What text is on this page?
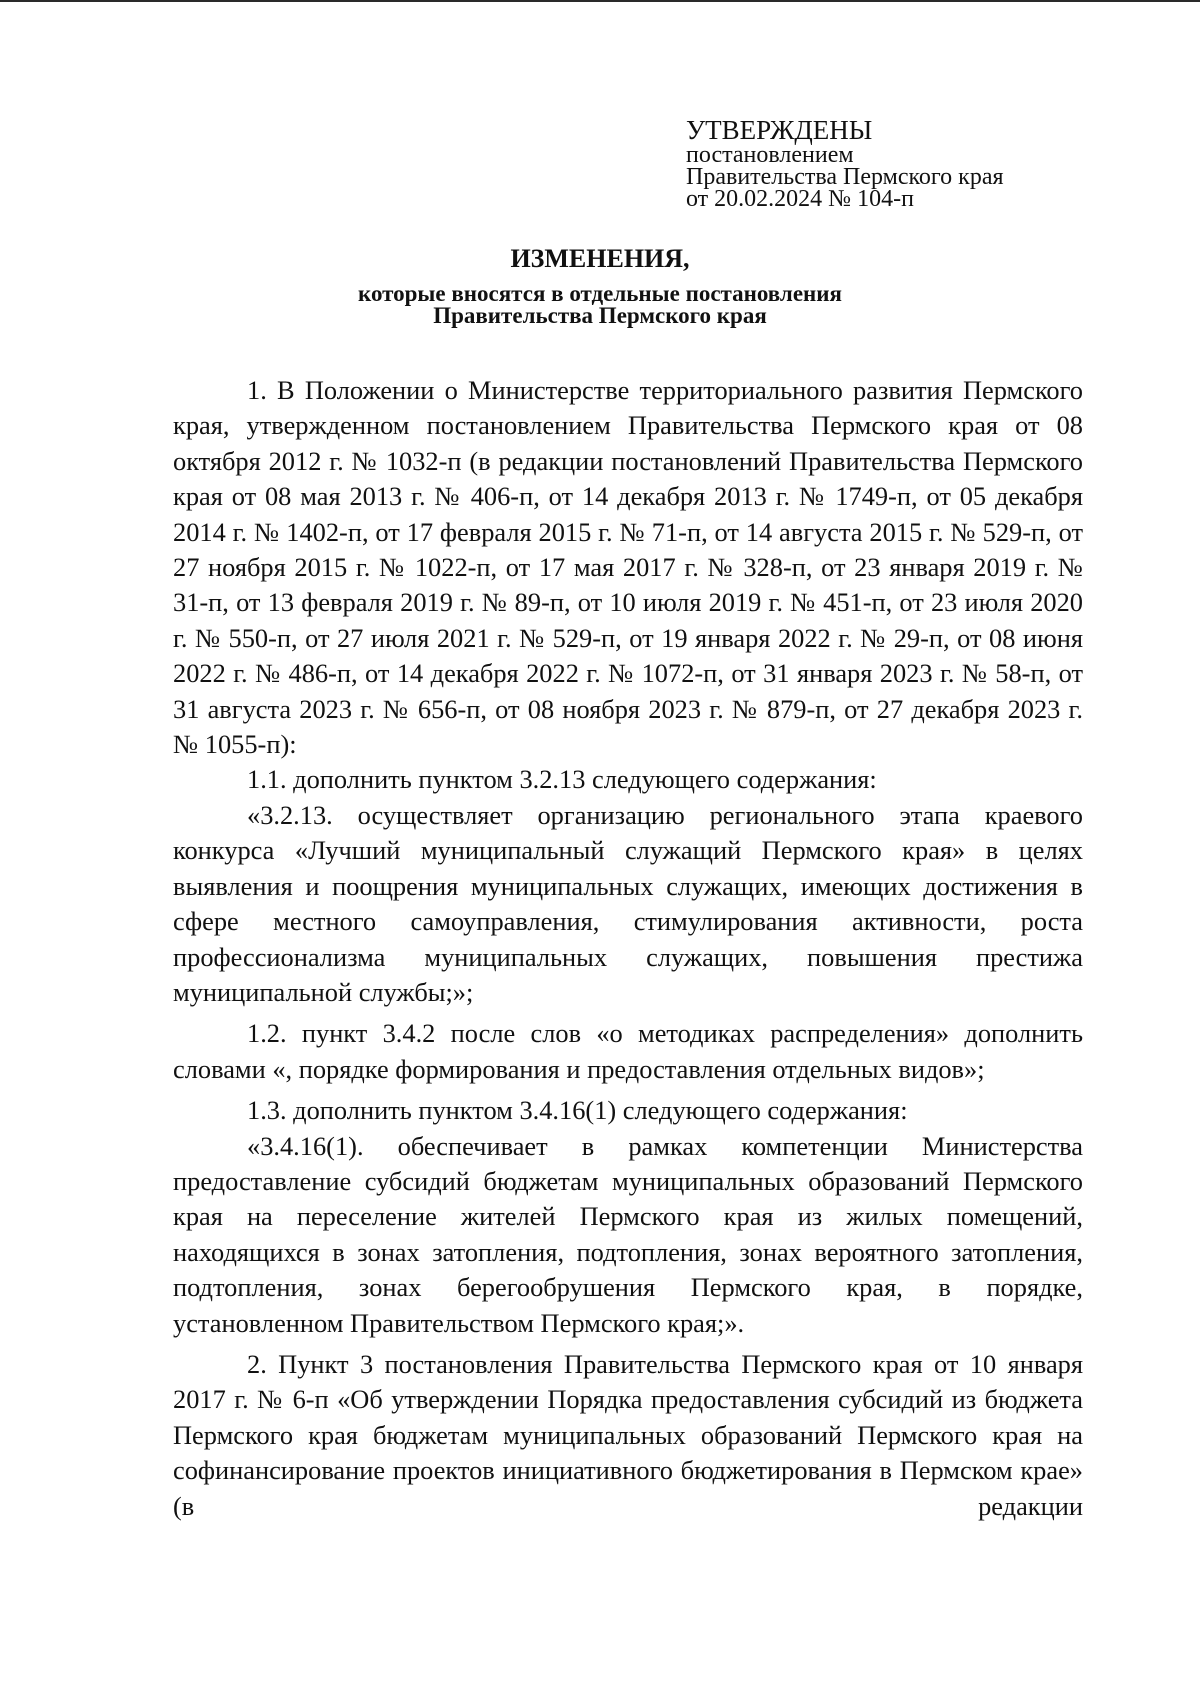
УТВЕРЖДЕНЫ
постановлением
Правительства Пермского края
от 20.02.2024 № 104-п
ИЗМЕНЕНИЯ,
которые вносятся в отдельные постановления
Правительства Пермского края

1. В Положении о Министерстве территориального развития Пермского края, утвержденном постановлением Правительства Пермского края от 08 октября 2012 г. № 1032-п (в редакции постановлений Правительства Пермского края от 08 мая 2013 г. № 406-п, от 14 декабря 2013 г. № 1749-п, от 05 декабря 2014 г. № 1402-п, от 17 февраля 2015 г. № 71-п, от 14 августа 2015 г. № 529-п, от 27 ноября 2015 г. № 1022-п, от 17 мая 2017 г. № 328-п, от 23 января 2019 г. № 31-п, от 13 февраля 2019 г. № 89-п, от 10 июля 2019 г. № 451-п, от 23 июля 2020 г. № 550-п, от 27 июля 2021 г. № 529-п, от 19 января 2022 г. № 29-п, от 08 июня 2022 г. № 486-п, от 14 декабря 2022 г. № 1072-п, от 31 января 2023 г. № 58-п, от 31 августа 2023 г. № 656-п, от 08 ноября 2023 г. № 879-п, от 27 декабря 2023 г. № 1055-п):

1.1. дополнить пунктом 3.2.13 следующего содержания:

«3.2.13. осуществляет организацию регионального этапа краевого конкурса «Лучший муниципальный служащий Пермского края» в целях выявления и поощрения муниципальных служащих, имеющих достижения в сфере местного самоуправления, стимулирования активности, роста профессионализма муниципальных служащих, повышения престижа муниципальной службы;»;

1.2. пункт 3.4.2 после слов «о методиках распределения» дополнить словами «, порядке формирования и предоставления отдельных видов»;

1.3. дополнить пунктом 3.4.16(1) следующего содержания:

«3.4.16(1). обеспечивает в рамках компетенции Министерства предоставление субсидий бюджетам муниципальных образований Пермского края на переселение жителей Пермского края из жилых помещений, находящихся в зонах затопления, подтопления, зонах вероятного затопления, подтопления, зонах берегообрушения Пермского края, в порядке, установленном Правительством Пермского края;».

2. Пункт 3 постановления Правительства Пермского края от 10 января 2017 г. № 6-п «Об утверждении Порядка предоставления субсидий из бюджета Пермского края бюджетам муниципальных образований Пермского края на софинансирование проектов инициативного бюджетирования в Пермском крае» (в редакции
